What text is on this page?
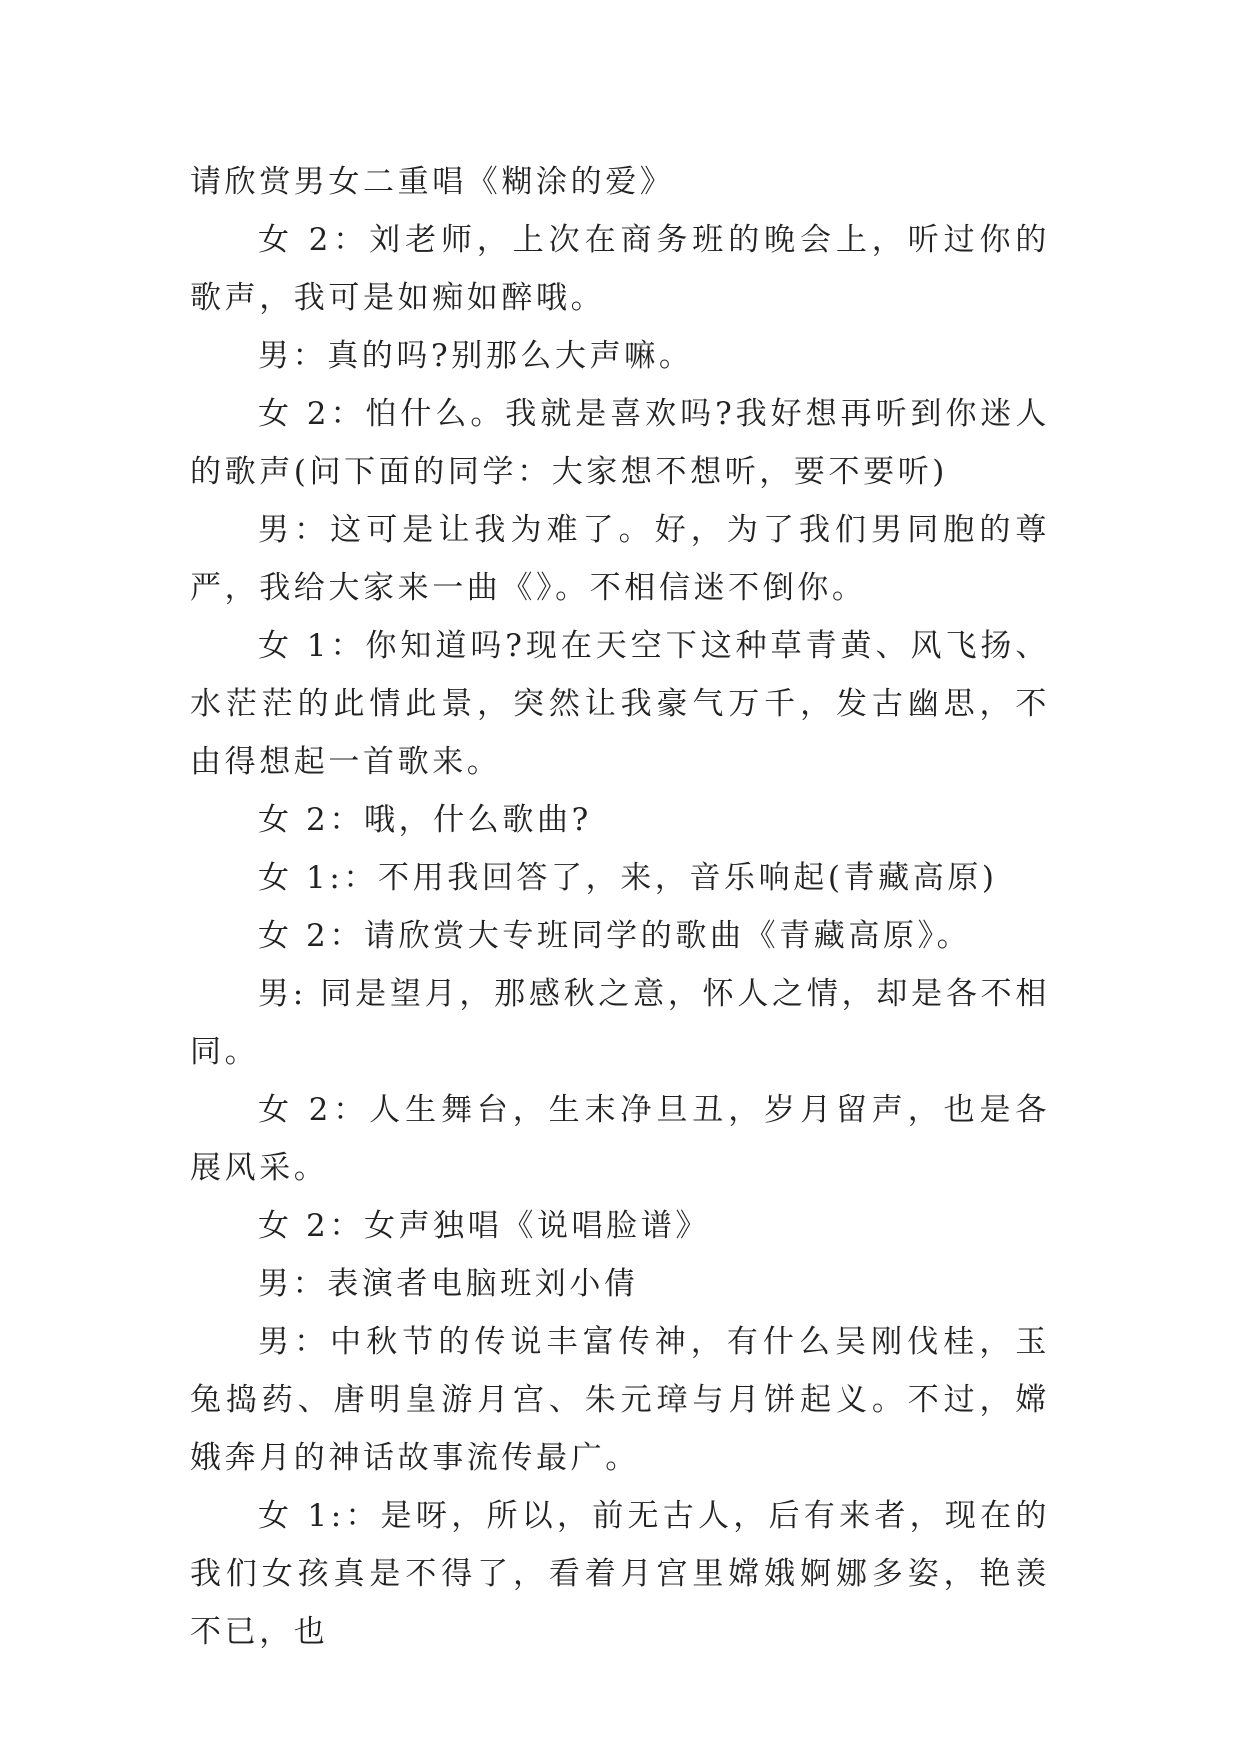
请欣赏男女二重唱《糊涂的爱》

女 2：刘老师，上次在商务班的晚会上，听过你的歌声，我可是如痴如醉哦。

男：真的吗?别那么大声嘛。

女 2：怕什么。我就是喜欢吗?我好想再听到你迷人的歌声(问下面的同学：大家想不想听，要不要听)

男：这可是让我为难了。好，为了我们男同胞的尊严，我给大家来一曲《》。不相信迷不倒你。

女 1：你知道吗?现在天空下这种草青黄、风飞扬、水茫茫的此情此景，突然让我豪气万千，发古幽思，不由得想起一首歌来。

女 2：哦，什么歌曲?

女 1:：不用我回答了，来，音乐响起(青藏高原)

女 2：请欣赏大专班同学的歌曲《青藏高原》。

男: 同是望月，那感秋之意，怀人之情，却是各不相同。

女 2：人生舞台，生末净旦丑，岁月留声，也是各展风采。

女 2：女声独唱《说唱脸谱》

男：表演者电脑班刘小倩

男：中秋节的传说丰富传神，有什么吴刚伐桂，玉兔捣药、唐明皇游月宫、朱元璋与月饼起义。不过，嫦娥奔月的神话故事流传最广。

女 1:：是呀，所以，前无古人，后有来者，现在的我们女孩真是不得了，看着月宫里嫦娥婀娜多姿，艳羡不已，也
